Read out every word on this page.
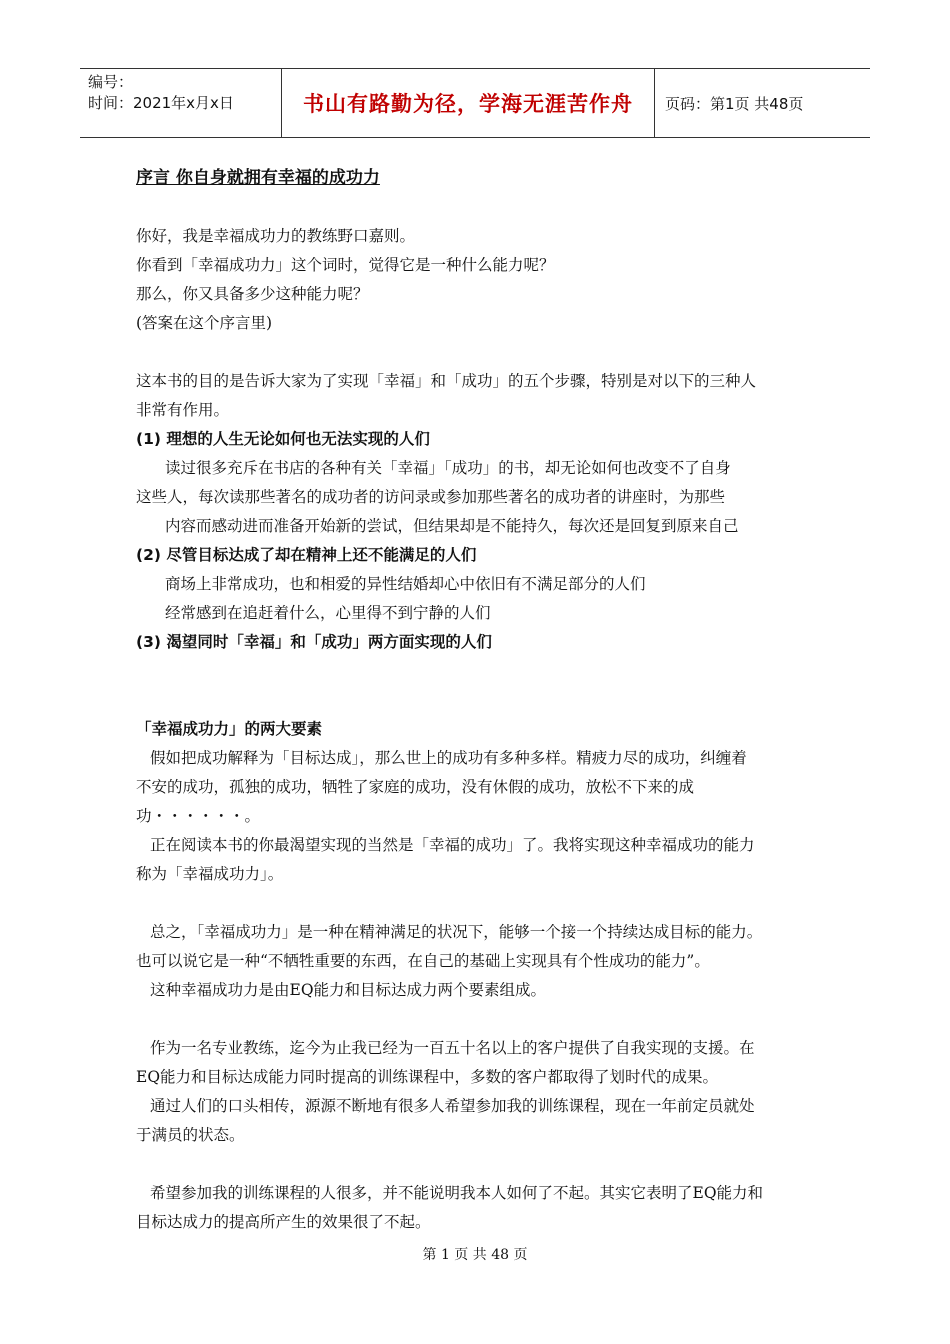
编号：
时间：2021年x月x日	书山有路勤为径，学海无涯苦作舟	页码：第1页 共48页
序言 你自身就拥有幸福的成功力
你好，我是幸福成功力的教练野口嘉则。
你看到「幸福成功力」这个词时，觉得它是一种什么能力呢？
那么，你又具备多少这种能力呢？
(答案在这个序言里)
这本书的目的是告诉大家为了实现「幸福」和「成功」的五个步骤，特别是对以下的三种人
非常有作用。
(1) 理想的人生无论如何也无法实现的人们
读过很多充斥在书店的各种有关「幸福」「成功」的书，却无论如何也改变不了自身
这些人，每次读那些著名的成功者的访问录或参加那些著名的成功者的讲座时，为那些
内容而感动进而准备开始新的尝试，但结果却是不能持久，每次还是回复到原来自己
(2) 尽管目标达成了却在精神上还不能满足的人们
商场上非常成功，也和相爱的异性结婚却心中依旧有不满足部分的人们
经常感到在追赶着什么，心里得不到宁静的人们
(3) 渴望同时「幸福」和「成功」两方面实现的人们
「幸福成功力」的两大要素
假如把成功解释为「目标达成」，那么世上的成功有多种多样。精疲力尽的成功，纠缠着
不安的成功，孤独的成功，牺牲了家庭的成功，没有休假的成功，放松不下来的成
功・・・・・・。
正在阅读本书的你最渴望实现的当然是「幸福的成功」了。我将实现这种幸福成功的能力
称为「幸福成功力」。
总之，「幸福成功力」是一种在精神满足的状况下，能够一个接一个持续达成目标的能力。
也可以说它是一种“不牺牲重要的东西，在自己的基础上实现具有个性成功的能力”。
这种幸福成功力是由EQ能力和目标达成力两个要素组成。
作为一名专业教练，迄今为止我已经为一百五十名以上的客户提供了自我实现的支援。在
EQ能力和目标达成能力同时提高的训练课程中，多数的客户都取得了划时代的成果。
通过人们的口头相传，源源不断地有很多人希望参加我的训练课程，现在一年前定员就处
于满员的状态。
希望参加我的训练课程的人很多，并不能说明我本人如何了不起。其实它表明了EQ能力和
目标达成力的提高所产生的效果很了不起。
第 1 页 共 48 页
